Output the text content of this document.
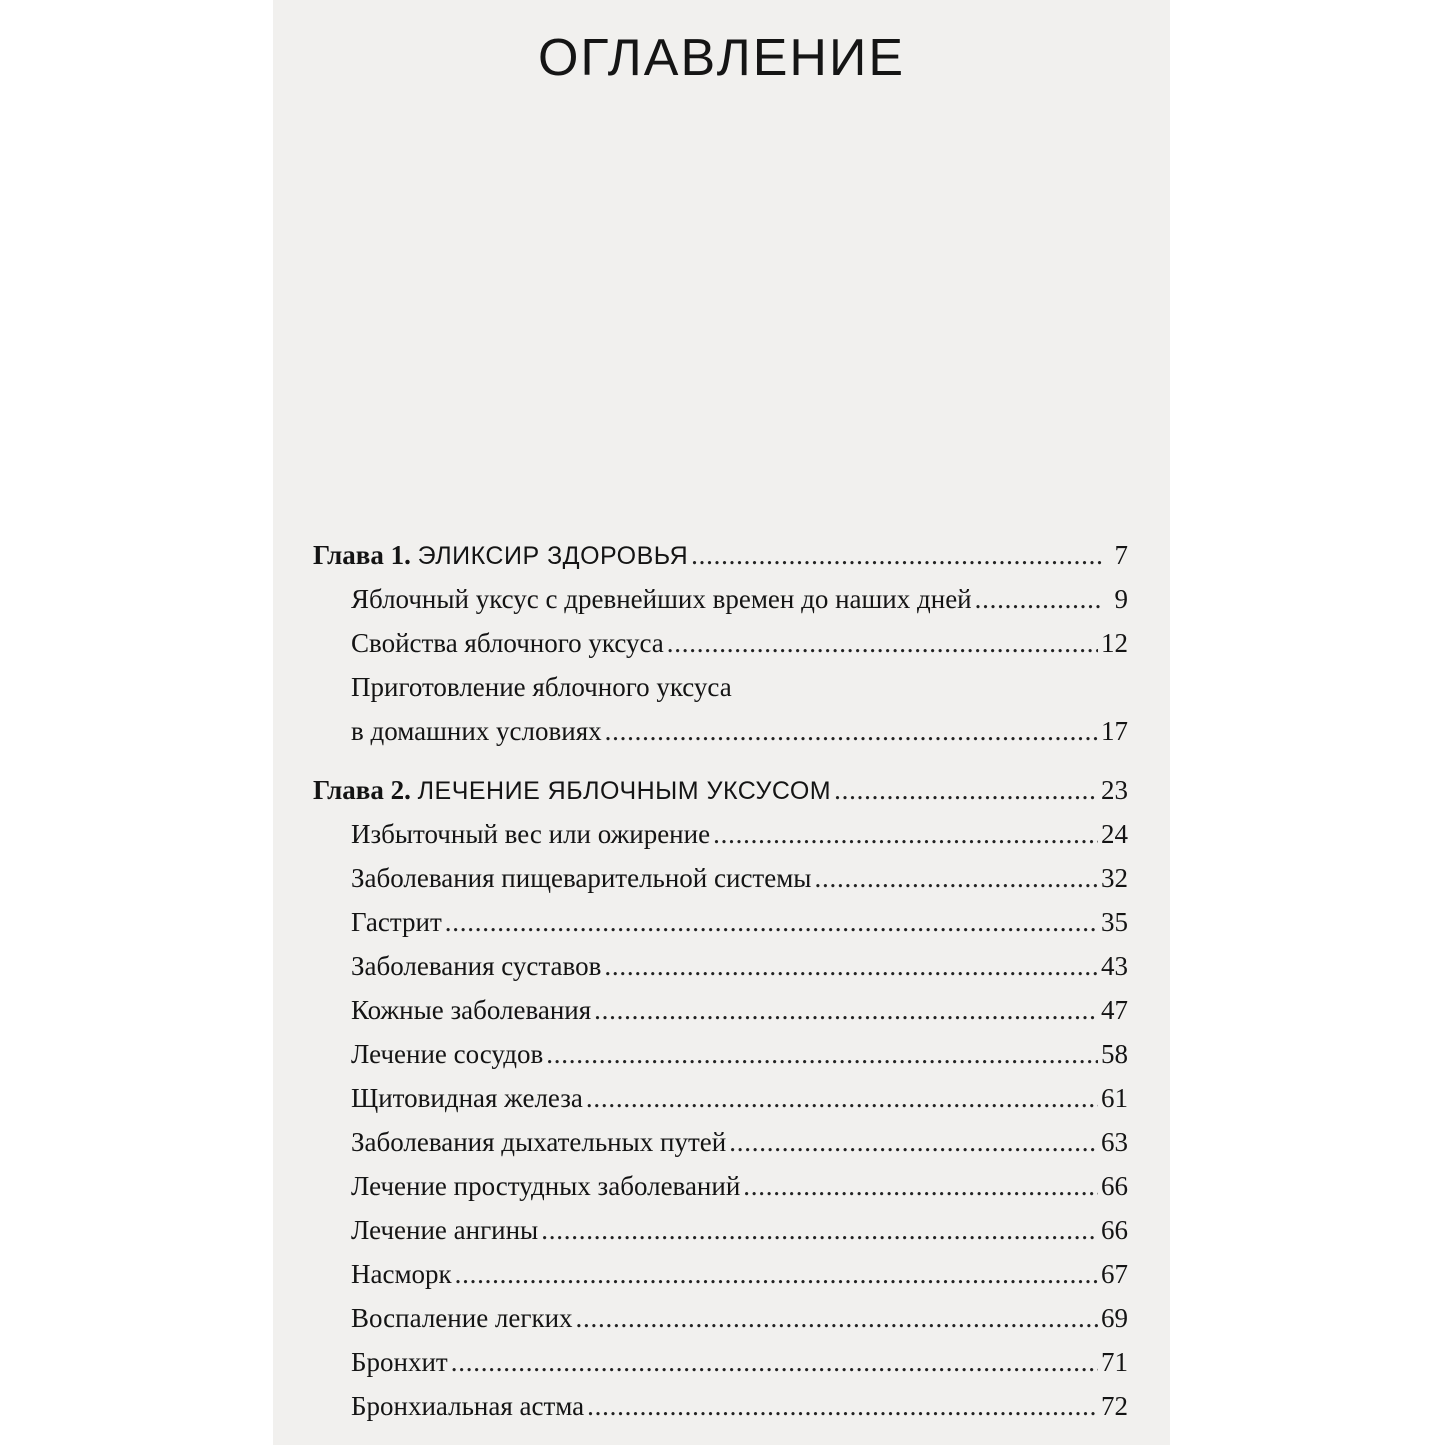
ОГЛАВЛЕНИЕ
Глава 1. ЭЛИКСИР ЗДОРОВЬЯ . . .	7
Яблочный уксус с древнейших времен до наших дней . . .	9
Свойства яблочного уксуса . . .	12
Приготовление яблочного уксуса
в домашних условиях . . .	17
Глава 2. ЛЕЧЕНИЕ ЯБЛОЧНЫМ УКСУСОМ . . .	23
Избыточный вес или ожирение . . .	24
Заболевания пищеварительной системы . . .	32
Гастрит . . .	35
Заболевания суставов . . .	43
Кожные заболевания . . .	47
Лечение сосудов . . .	58
Щитовидная железа . . .	61
Заболевания дыхательных путей . . .	63
Лечение простудных заболеваний . . .	66
Лечение ангины . . .	66
Насморк . . .	67
Воспаление легких . . .	69
Бронхит . . .	71
Бронхиальная астма . . .	72
